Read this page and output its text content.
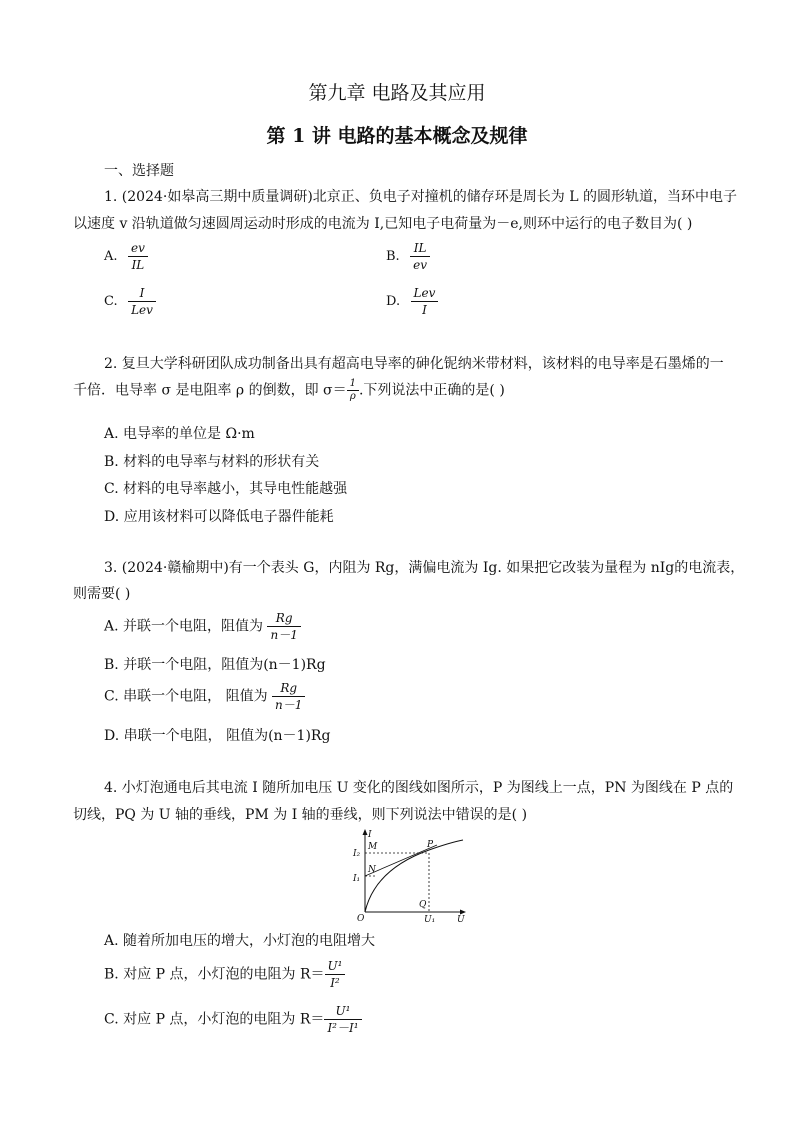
第九章 电路及其应用
第 1 讲 电路的基本概念及规律
一、选择题
1. (2024·如皋高三期中质量调研)北京正、负电子对撞机的储存环是周长为 L 的圆形轨道，当环中电子
以速度 v 沿轨道做匀速圆周运动时形成的电流为 I,已知电子电荷量为－e,则环中运行的电子数目为( )
A. $\frac{ev}{IL}$	B. $\frac{IL}{ev}$
C. $\frac{I}{\text{Lev}}$	D. $\frac{\text{Lev}}{I}$
2. 复旦大学科研团队成功制备出具有超高电导率的砷化铌纳米带材料，该材料的电导率是石墨烯的一
千倍．电导率 σ 是电阻率 ρ 的倒数，即 $\sigma= \frac{1}{\rho}$ .下列说法中正确的是( )
A. 电导率的单位是 Ω·m
B. 材料的电导率与材料的形状有关
C. 材料的电导率越小，其导电性能越强
D. 应用该材料可以降低电子器件能耗
3. (2024·赣榆期中)有一个表头 G，内阻为 Rg，满偏电流为 Ig. 如果把它改装为量程为 nIg的电流表，
则需要( )
A. 并联一个电阻，阻值为 $\frac{Rg}{n-1}$
B. 并联一个电阻，阻值为(n－1)Rg
C. 串联一个电阻， 阻值为 $\frac{Rg}{n-1}$
D. 串联一个电阻， 阻值为(n－1)Rg
4. 小灯泡通电后其电流 I 随所加电压 U 变化的图线如图所示，P 为图线上一点，PN 为图线在 P 点的
切线，PQ 为 U 轴的垂线，PM 为 I 轴的垂线，则下列说法中错误的是( )
I
U
O
I₂
I₁
M
N
P
Q
U₁
A. 随着所加电压的增大，小灯泡的电阻增大
B. 对应 P 点，小灯泡的电阻为 $R= \frac{\text{U¹}}{\text{I²}}$
C. 对应 P 点，小灯泡的电阻为 $R= \frac{\text{U¹}}{\text{I²－I¹}}$
